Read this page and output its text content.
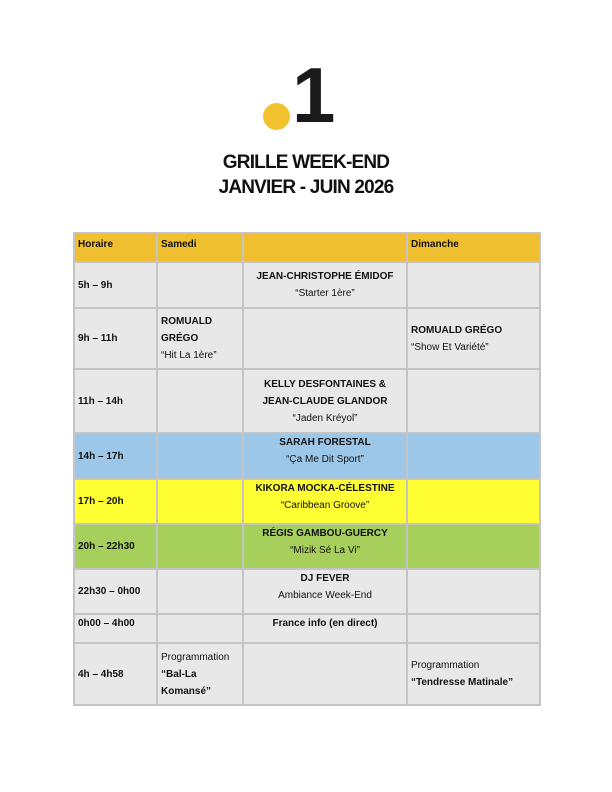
1
GRILLE WEEK-END
JANVIER - JUIN 2026
Horaire	Samedi		Dimanche
5h – 9h		JEAN-CHRISTOPHE ÉMIDOF
“Starter 1ère”	

9h – 11h	ROMUALD
GRÉGO
“Hit La 1ère”		ROMUALD GRÉGO
“Show Et Variété”

11h – 14h		KELLY DESFONTAINES &
JEAN-CLAUDE GLANDOR
“Jaden Kréyol”	

14h – 17h		SARAH FORESTAL
“Ça Me Dit Sport”	

17h – 20h		KIKORA MOCKA-CÉLESTINE
“Caribbean Groove”	

20h – 22h30		RÉGIS GAMBOU-GUERCY
“Mizik Sé La Vi”	

22h30 – 0h00		DJ FEVER
Ambiance Week-End	

0h00 – 4h00		France info (en direct)	

4h – 4h58	Programmation
“Bal-La
Komansé”		Programmation
“Tendresse Matinale”
